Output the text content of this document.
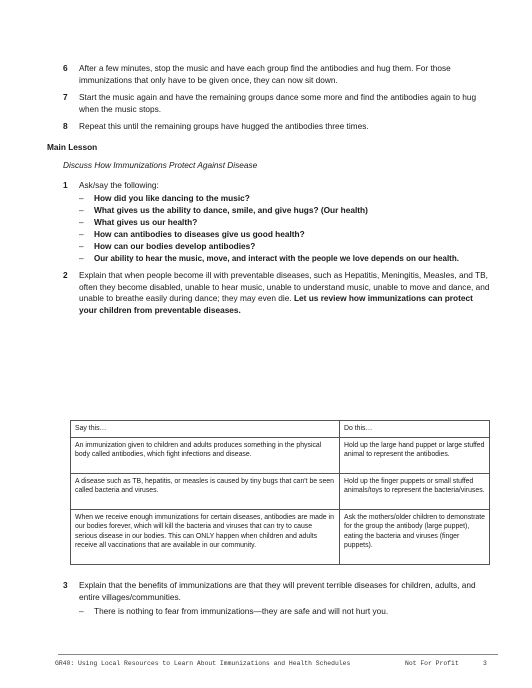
6 After a few minutes, stop the music and have each group find the antibodies and hug them. For those immunizations that only have to be given once, they can now sit down.
7 Start the music again and have the remaining groups dance some more and find the antibodies again to hug when the music stops.
8 Repeat this until the remaining groups have hugged the antibodies three times.
Main Lesson
Discuss How Immunizations Protect Against Disease
1 Ask/say the following:
– How did you like dancing to the music?
– What gives us the ability to dance, smile, and give hugs? (Our health)
– What gives us our health?
– How can antibodies to diseases give us good health?
– How can our bodies develop antibodies?
– Our ability to hear the music, move, and interact with the people we love depends on our health.
2 Explain that when people become ill with preventable diseases, such as Hepatitis, Meningitis, Measles, and TB, often they become disabled, unable to hear music, unable to understand music, unable to move and dance, and unable to breathe easily during dance; they may even die. Let us review how immunizations can protect your children from preventable diseases.
Say this…	Do this…
An immunization given to children and adults produces something in the physical body called antibodies, which fight infections and disease.	Hold up the large hand puppet or large stuffed animal to represent the antibodies.
A disease such as TB, hepatitis, or measles is caused by tiny bugs that can't be seen called bacteria and viruses.	Hold up the finger puppets or small stuffed animals/toys to represent the bacteria/viruses.
When we receive enough immunizations for certain diseases, antibodies are made in our bodies forever, which will kill the bacteria and viruses that can try to cause serious disease in our bodies. This can ONLY happen when children and adults receive all vaccinations that are available in our community.	Ask the mothers/older children to demonstrate for the group the antibody (large puppet), eating the bacteria and viruses (finger puppets).
3 Explain that the benefits of immunizations are that they will prevent terrible diseases for children, adults, and entire villages/communities.
– There is nothing to fear from immunizations—they are safe and will not hurt you.
GR40: Using Local Resources to Learn About Immunizations and Health Schedules	Not For Profit	3
